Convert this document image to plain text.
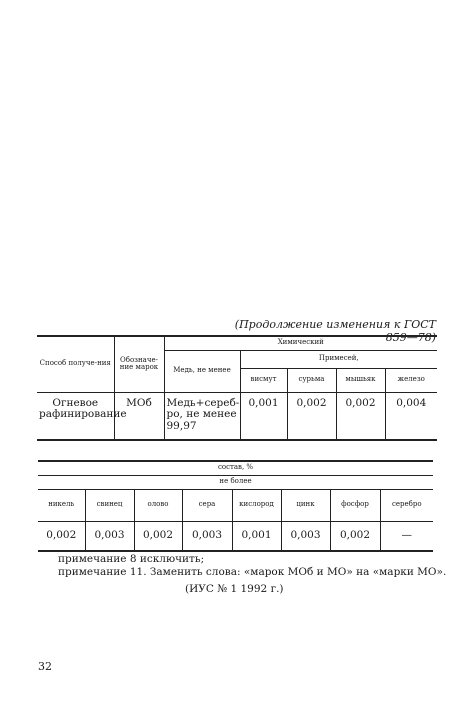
(Продолжение изменения к ГОСТ 859—78)
Способ получе-ния	Обозначе-ние марок	Химический				
		Медь, не менее	Примесей,			
			висмут	сурьма	мышьяк	железо
Огневое рафинирование	МОб	Медь+сереб-ро, не менее 99,97	0,001	0,002	0,002	0,004
состав, %							
не более							
никель	свинец	олово	сера	кислород	цинк	фосфор	серебро
0,002	0,003	0,002	0,003	0,001	0,003	0,002	—
примечание 8 исключить;
примечание 11. Заменить слова: «марок МОб и МО» на «марки МО».
(ИУС № 1 1992 г.)
32
